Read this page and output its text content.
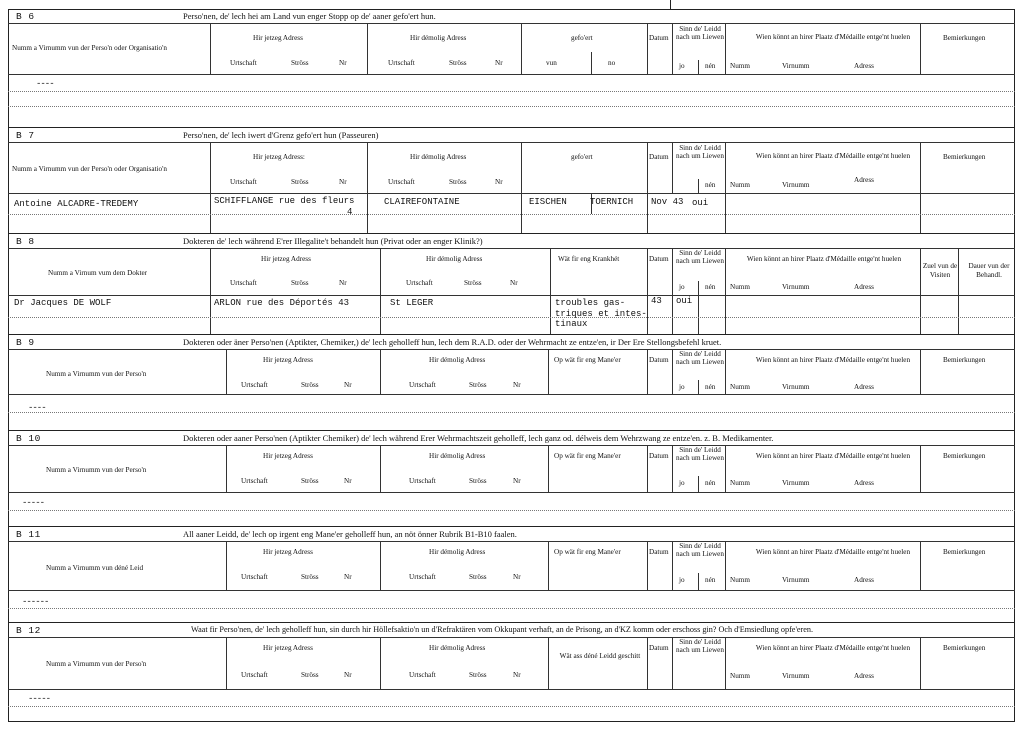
B 6	Perso'nen, de' lech hei am Land vun enger Stopp op de' aaner gefo'ert hun.
Numm a Virnumm vun der Perso'n oder Organisatio'n
Hir jetzeg Adress
Urtschaft	Ströss	Nr
Hir démolig Adress
Urtschaft	Ströss	Nr
gefo'ert
vun	no
Datum
Sinn de' Leidd nach um Liewen
jo	nén
Wien könnt an hirer Plaatz d'Médaille entge'nt huelen
Numm	Virnumm	Adress
Bemierkungen
----
B 7	Perso'nen, de' lech iwert d'Grenz gefo'ert hun (Passeuren)
Numm a Virnumm vun der Perso'n oder Organisatio'n
Hir jetzeg Adress:
Urtschaft	Ströss	Nr
Hir démolig Adress
Urtschaft	Ströss	Nr
gefo'ert	Datum
Sinn de' Leidd nach um Liewen
nén
Wien könnt an hirer Plaatz d'Médaille entge'nt huelen
Numm	Virnumm
Adress
Bemierkungen
Antoine ALCADRE-TREDEMY	SCHIFFLANGE rue des fleurs
4
CLAIREFONTAINE	EISCHEN	TOERNICH Nov 43 oui
B 8	Dokteren de' lech während E'rer Illegalite't behandelt hun (Privat oder an enger Klinik?)
Numm a Virnum vum dem Dokter
Hir jetzeg Adress
Urtschaft	Ströss	Nr
Hir démolig Adress
Urtschaft	Ströss	Nr
Wät fir eng Krankhét	Datum
Sinn de' Leidd nach um Liewen
jo	nén
Wien könnt an hirer Plaatz d'Médaille entge'nt huelen
Numm	Virnumm	Adress
Zuel vun de Visiten
Dauer vun der Behandl.
Dr Jacques DE WOLF	ARLON rue des Déportés 43	St LEGER	troubles gas-
triques et intes-
tinaux
43 oui
B 9	Dokteren oder äner Perso'nen (Aptikter, Chemiker,) de' lech geholleff hun, lech dem R.A.D. oder der Wehrmacht ze entze'en, ir Der Ere Stellongsbefehl kruet.
Numm a Virnumm vun der Perso'n
Hir jetzeg Adress
Urtschaft	Ströss	Nr
Hir démolig Adress
Urtschaft	Ströss	Nr
Op wät fir eng Mane'er	Datum
Sinn de' Leidd nach um Liewen
jo	nén
Wien könnt an hirer Plaatz d'Médaille entge'nt huelen
Numm	Virnumm	Adress
Bemierkungen
----
B 10	Dokteren oder aaner Perso'nen (Aptikter Chemiker) de' lech während Erer Wehrmachtszeit geholleff, lech ganz od. délweis dem Wehrzwang ze entze'en. z. B. Medikamenter.
Numm a Virnumm vun der Perso'n
Hir jetzeg Adress
Urtschaft	Ströss	Nr
Hir démolig Adress
Urtschaft	Ströss	Nr
Op wät fir eng Mane'er	Datum
Sinn de' Leidd nach um Liewen
jo	nén
Wien könnt an hirer Plaatz d'Médaille entge'nt huelen
Numm	Virnumm	Adress
Bemierkungen
-----
B 11	All aaner Leidd, de' lech op irgent eng Mane'er geholleff hun, an nöt önner Rubrik B1-B10 faalen.
Numm a Virnumm vun déné Leid
Hir jetzeg Adress
Urtschaft	Ströss	Nr
Hir démolig Adress
Urtschaft	Ströss	Nr
Op wät fir eng Mane'er	Datum
Sinn de' Leidd nach um Liewen
jo	nén
Wien könnt an hirer Plaatz d'Médaille entge'nt huelen
Numm	Virnumm	Adress
Bemierkungen
------
B 12	Waat fir Perso'nen, de' lech geholleff hun, sin durch hir Höllefsaktio'n un d'Refraktären vom Okkupant verhaft, an de Prisong, an d'KZ komm oder erschoss gin? Och d'Emsiedlung opfe'eren.
Numm a Virnumm vun der Perso'n
Hir jetzeg Adress
Urtschaft	Ströss	Nr
Hir démolig Adress
Urtschaft	Ströss	Nr
Wät ass déné Leidd geschitt
Datum
Sinn de' Leidd nach um Liewen	Wien könnt an hirer Plaatz d'Médaille entge'nt huelen
Numm	Virnumm	Adress
Bemierkungen
-----
